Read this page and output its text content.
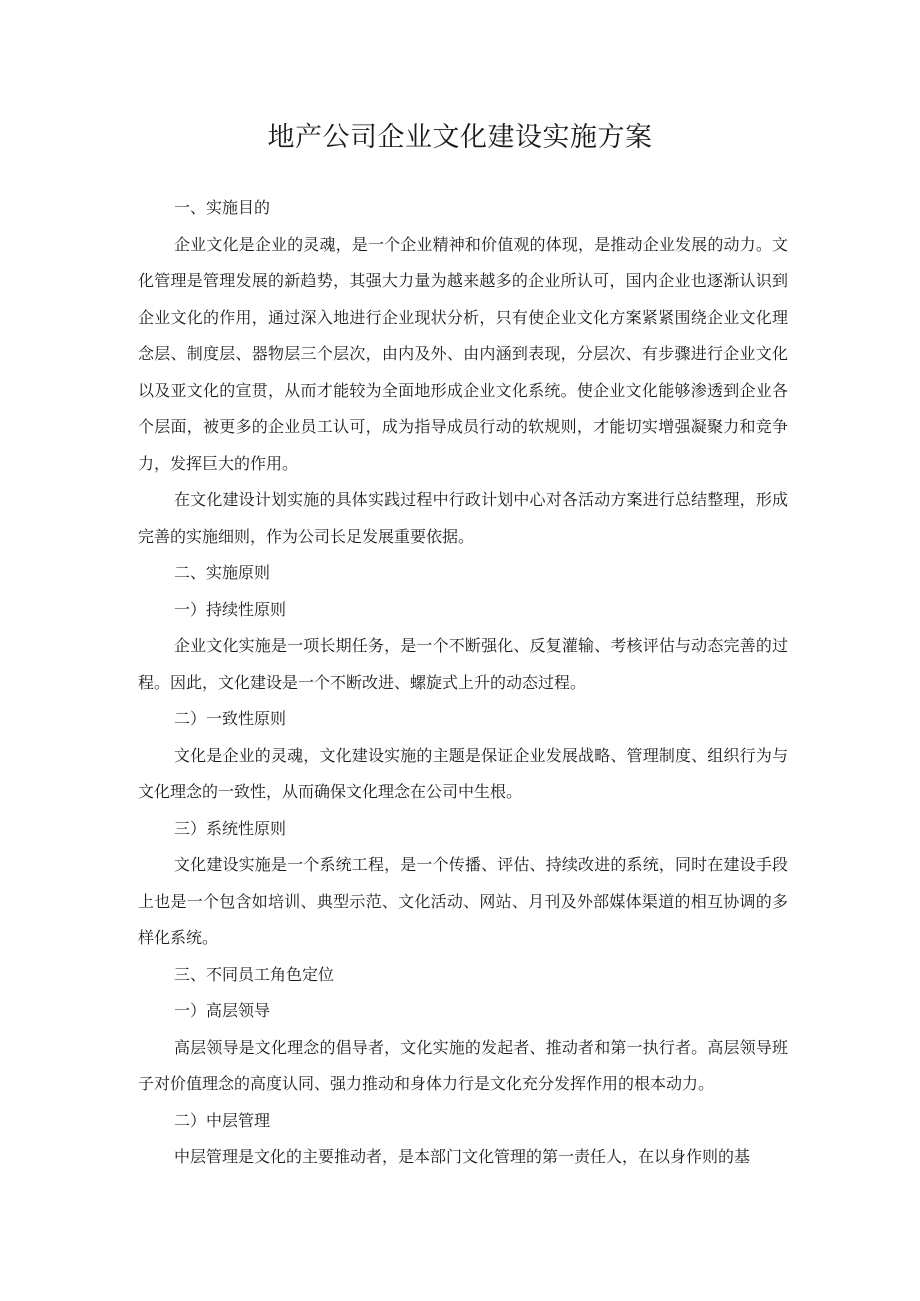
地产公司企业文化建设实施方案

一、实施目的

企业文化是企业的灵魂，是一个企业精神和价值观的体现，是推动企业发展的动力。文化管理是管理发展的新趋势，其强大力量为越来越多的企业所认可，国内企业也逐渐认识到企业文化的作用，通过深入地进行企业现状分析，只有使企业文化方案紧紧围绕企业文化理念层、制度层、器物层三个层次，由内及外、由内涵到表现，分层次、有步骤进行企业文化以及亚文化的宣贯，从而才能较为全面地形成企业文化系统。使企业文化能够渗透到企业各个层面，被更多的企业员工认可，成为指导成员行动的软规则，才能切实增强凝聚力和竞争力，发挥巨大的作用。

在文化建设计划实施的具体实践过程中行政计划中心对各活动方案进行总结整理，形成完善的实施细则，作为公司长足发展重要依据。

二、实施原则

一）持续性原则

企业文化实施是一项长期任务，是一个不断强化、反复灌输、考核评估与动态完善的过程。因此，文化建设是一个不断改进、螺旋式上升的动态过程。

二）一致性原则

文化是企业的灵魂，文化建设实施的主题是保证企业发展战略、管理制度、组织行为与文化理念的一致性，从而确保文化理念在公司中生根。

三）系统性原则

文化建设实施是一个系统工程，是一个传播、评估、持续改进的系统，同时在建设手段上也是一个包含如培训、典型示范、文化活动、网站、月刊及外部媒体渠道的相互协调的多样化系统。

三、不同员工角色定位

一）高层领导

高层领导是文化理念的倡导者，文化实施的发起者、推动者和第一执行者。高层领导班子对价值理念的高度认同、强力推动和身体力行是文化充分发挥作用的根本动力。

二）中层管理

中层管理是文化的主要推动者，是本部门文化管理的第一责任人，在以身作则的基
